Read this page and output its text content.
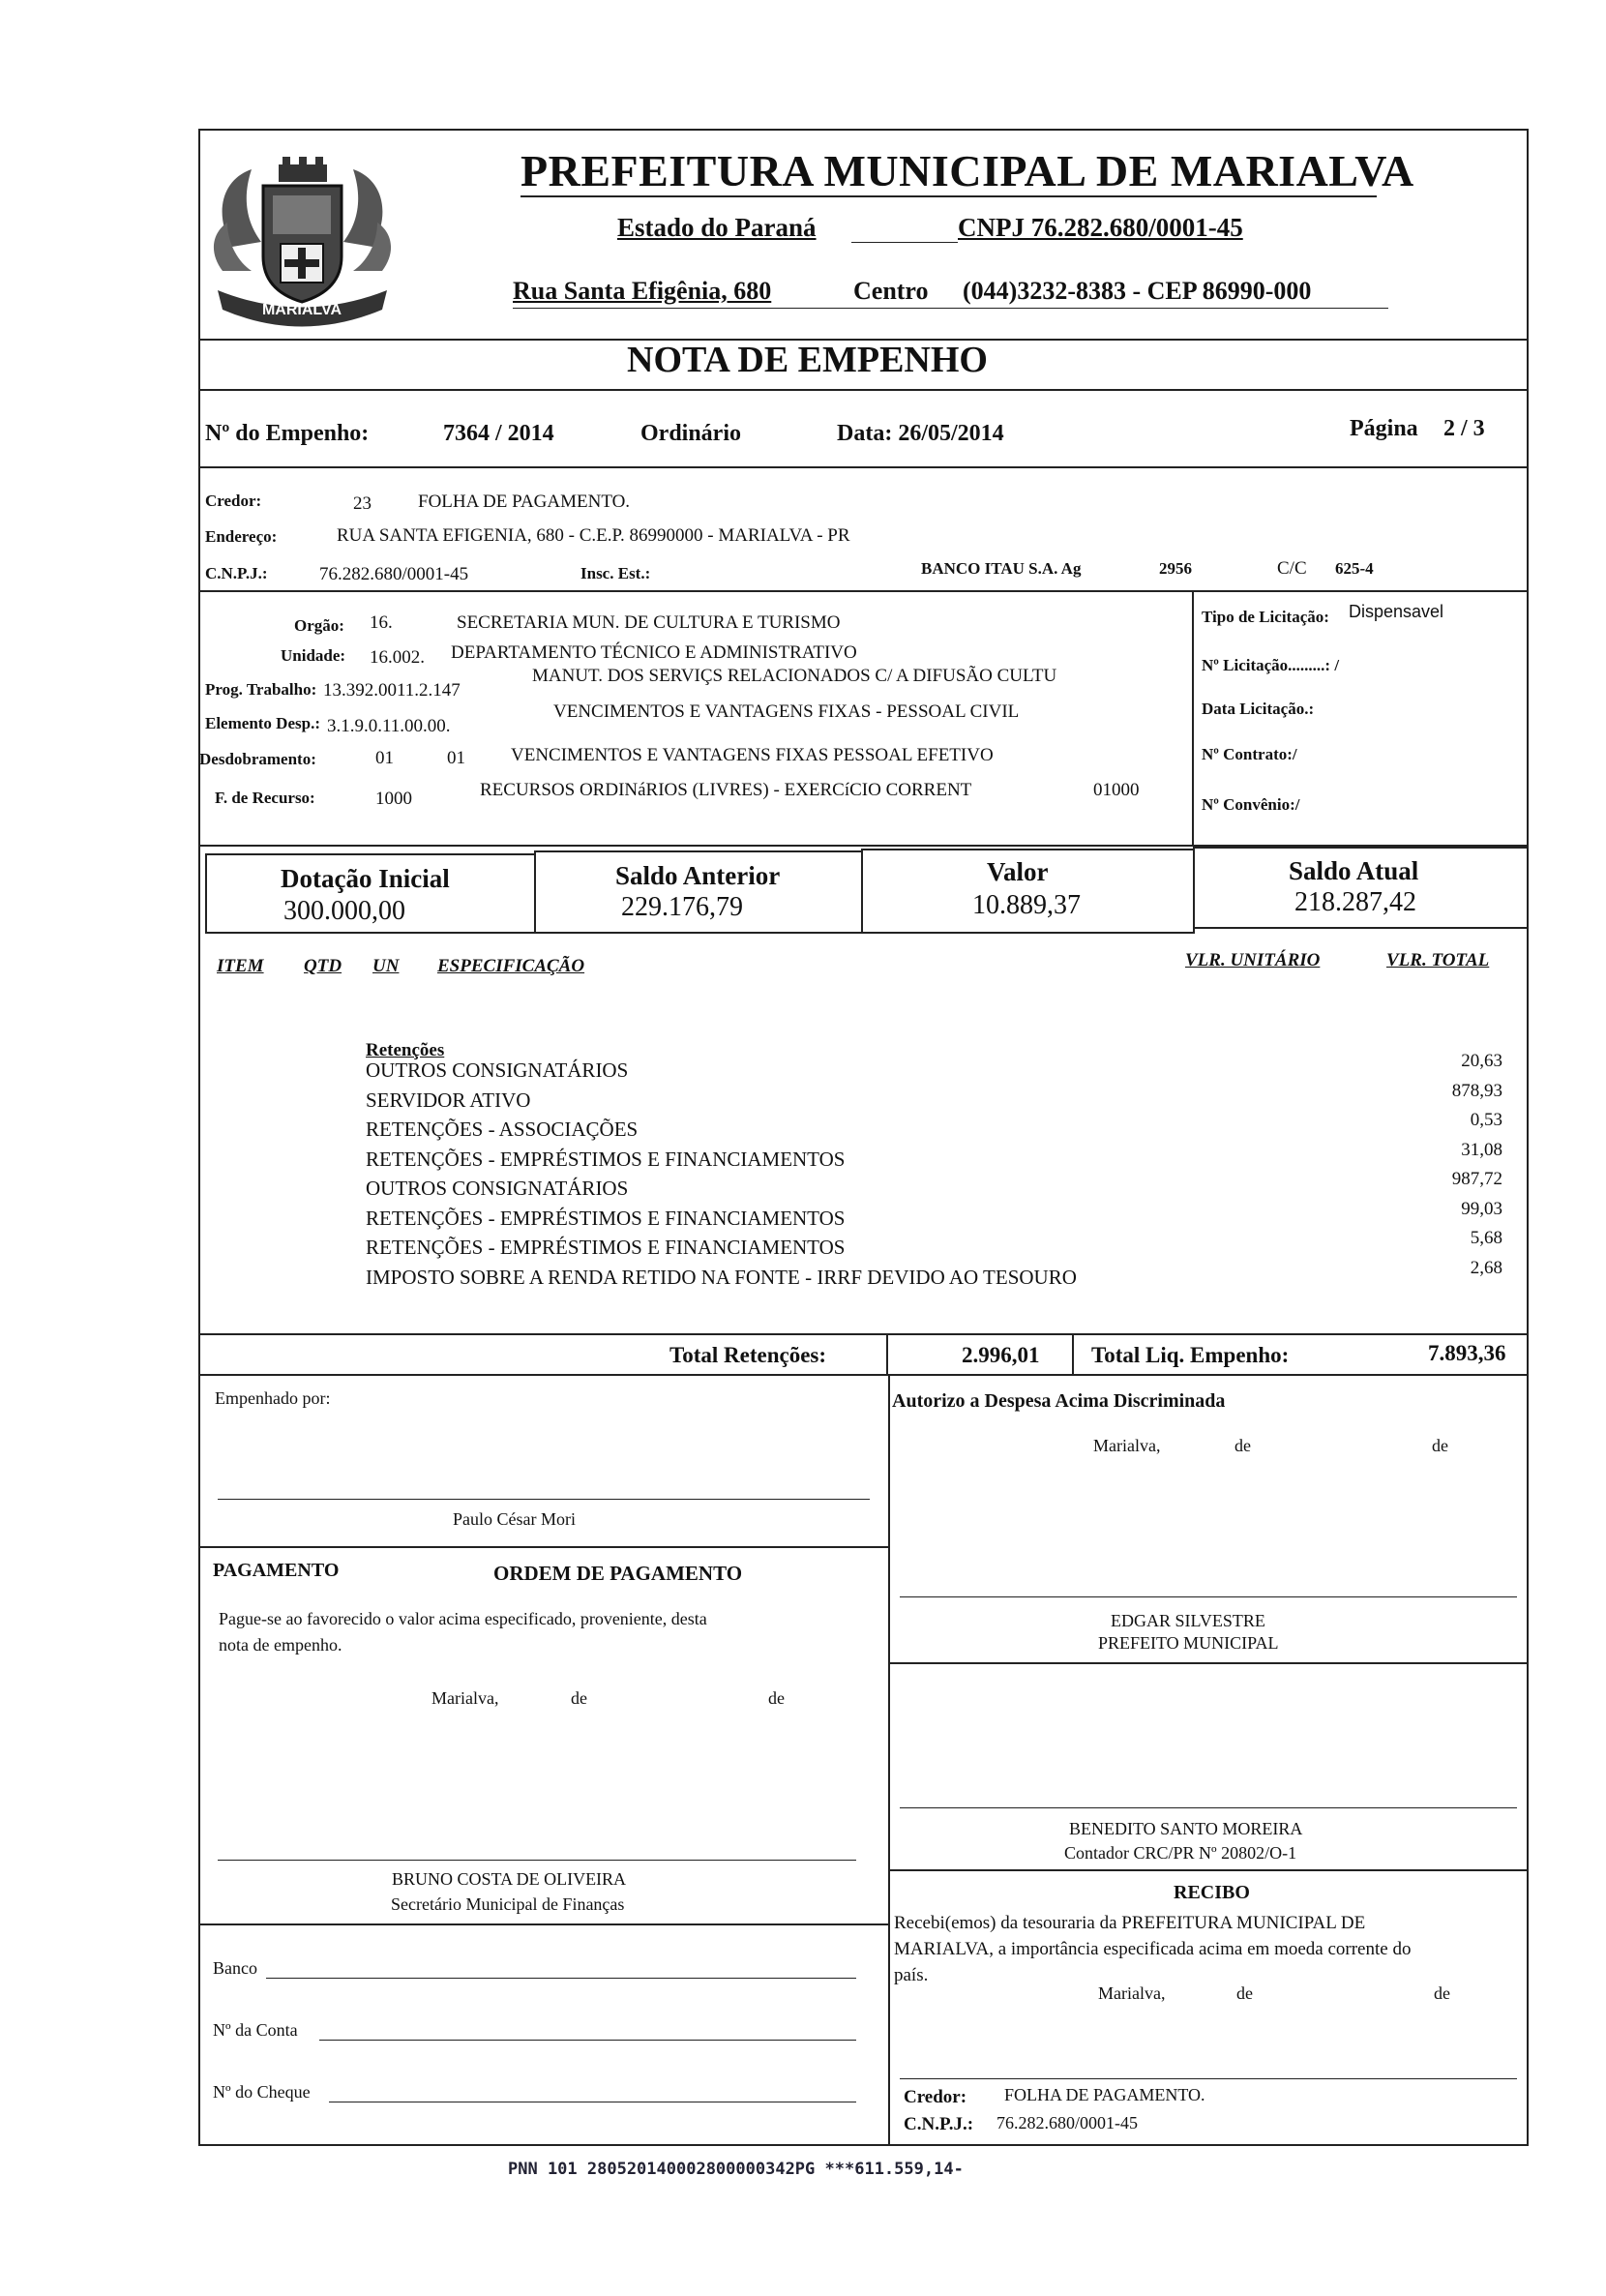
MARIALVA
PREFEITURA MUNICIPAL DE MARIALVA
Estado do Paraná	CNPJ 76.282.680/0001-45
Rua Santa Efigênia, 680	Centro (044)3232-8383 - CEP 86990-000
NOTA DE EMPENHO
Nº do Empenho:	7364 / 2014	Ordinário	Data: 26/05/2014	Página 2 / 3
Credor:	23	FOLHA DE PAGAMENTO.
Endereço:	RUA SANTA EFIGENIA, 680 - C.E.P. 86990000 - MARIALVA - PR
C.N.P.J.:	76.282.680/0001-45	Insc. Est.:	BANCO ITAU S.A. Ag	2956	C/C 625-4
Orgão: 16.	SECRETARIA MUN. DE CULTURA E TURISMO
Unidade: 16.002. DEPARTAMENTO TÉCNICO E ADMINISTRATIVO
Prog. Trabalho: 13.392.0011.2.147
MANUT. DOS SERVIÇS RELACIONADOS C/ A DIFUSÃO CULTU
Elemento Desp.: 3.1.9.0.11.00.00.
VENCIMENTOS E VANTAGENS FIXAS - PESSOAL CIVIL
Desdobramento:	01	01 VENCIMENTOS E VANTAGENS FIXAS PESSOAL EFETIVO
F. de Recurso:	1000	RECURSOS ORDINáRIOS (LIVRES) - EXERCíCIO CORRENT	01000
Tipo de Licitação: Dispensavel
Nº Licitação.........: /
Data Licitação.:
Nº Contrato:/
Nº Convênio:/
Dotação Inicial
300.000,00
Saldo Anterior
229.176,79
Valor
10.889,37
Saldo Atual
218.287,42
ITEM QTD UN ESPECIFICAÇÃO	VLR. UNITÁRIO	VLR. TOTAL
Retenções
OUTROS CONSIGNATÁRIOS	20,63
SERVIDOR ATIVO	878,93
RETENÇÕES - ASSOCIAÇÕES	0,53
RETENÇÕES - EMPRÉSTIMOS E FINANCIAMENTOS	31,08
OUTROS CONSIGNATÁRIOS	987,72
RETENÇÕES - EMPRÉSTIMOS E FINANCIAMENTOS	99,03
RETENÇÕES - EMPRÉSTIMOS E FINANCIAMENTOS	5,68
IMPOSTO SOBRE A RENDA RETIDO NA FONTE - IRRF DEVIDO AO TESOURO	2,68
Total Retenções:	2.996,01 Total Liq. Empenho:	7.893,36
Empenhado por:
Paulo César Mori
Autorizo a Despesa Acima Discriminada
Marialva,	de	de
PAGAMENTO	ORDEM DE PAGAMENTO
Pague-se ao favorecido o valor acima especificado, proveniente, desta
nota de empenho.
Marialva,	de	de
EDGAR SILVESTRE
PREFEITO MUNICIPAL
BENEDITO SANTO MOREIRA
Contador CRC/PR Nº 20802/O-1
BRUNO COSTA DE OLIVEIRA
Secretário Municipal de Finanças
RECIBO
Recebi(emos) da tesouraria da PREFEITURA MUNICIPAL DE
MARIALVA, a importância especificada acima em moeda corrente do
país.
Marialva,	de	de
Banco
Nº da Conta
Nº do Cheque	Credor: FOLHA DE PAGAMENTO.
C.N.P.J.: 76.282.680/0001-45
PNN 101 280520140002800000342PG ***611.559,14-
